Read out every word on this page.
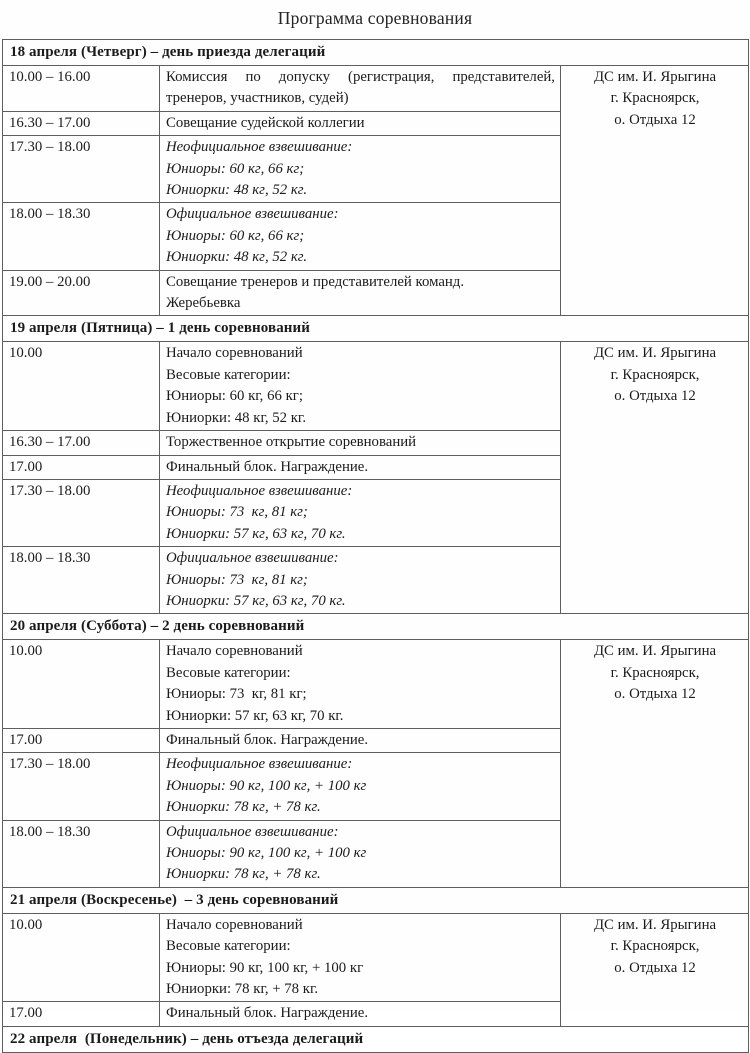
Программа соревнования
18 апреля (Четверг) – день приезда делегаций		
10.00 – 16.00	Комиссия по допуску (регистрация, представителей, тренеров, участников, судей)	ДС им. И. Ярыгина
г. Красноярск,
о. Отдыха 12

16.30 – 17.00	Совещание судейской коллегии	

17.30 – 18.00	Неофициальное взвешивание:
Юниоры: 60 кг, 66 кг;
Юниорки: 48 кг, 52 кг.	

18.00 – 18.30	Официальное взвешивание:
Юниоры: 60 кг, 66 кг;
Юниорки: 48 кг, 52 кг.	

19.00 – 20.00	Совещание тренеров и представителей команд.
Жеребьевка	

19 апреля (Пятница) – 1 день соревнований		
10.00	Начало соревнований
Весовые категории:
Юниоры: 60 кг, 66 кг;
Юниорки: 48 кг, 52 кг.	ДС им. И. Ярыгина
г. Красноярск,
о. Отдыха 12

16.30 – 17.00	Торжественное открытие соревнований	

17.00	Финальный блок. Награждение.	

17.30 – 18.00	Неофициальное взвешивание:
Юниоры: 73  кг, 81 кг;
Юниорки: 57 кг, 63 кг, 70 кг.	

18.00 – 18.30	Официальное взвешивание:
Юниоры: 73  кг, 81 кг;
Юниорки: 57 кг, 63 кг, 70 кг.	

20 апреля (Суббота) – 2 день соревнований		
10.00	Начало соревнований
Весовые категории:
Юниоры: 73  кг, 81 кг;
Юниорки: 57 кг, 63 кг, 70 кг.	ДС им. И. Ярыгина
г. Красноярск,
о. Отдыха 12

17.00	Финальный блок. Награждение.	

17.30 – 18.00	Неофициальное взвешивание:
Юниоры: 90 кг, 100 кг, + 100 кг
Юниорки: 78 кг, + 78 кг.	

18.00 – 18.30	Официальное взвешивание:
Юниоры: 90 кг, 100 кг, + 100 кг
Юниорки: 78 кг, + 78 кг.	

21 апреля (Воскресенье)  – 3 день соревнований		
10.00	Начало соревнований
Весовые категории:
Юниоры: 90 кг, 100 кг, + 100 кг
Юниорки: 78 кг, + 78 кг.	ДС им. И. Ярыгина
г. Красноярск,
о. Отдыха 12

17.00	Финальный блок. Награждение.	

22 апреля  (Понедельник) – день отъезда делегаций		
